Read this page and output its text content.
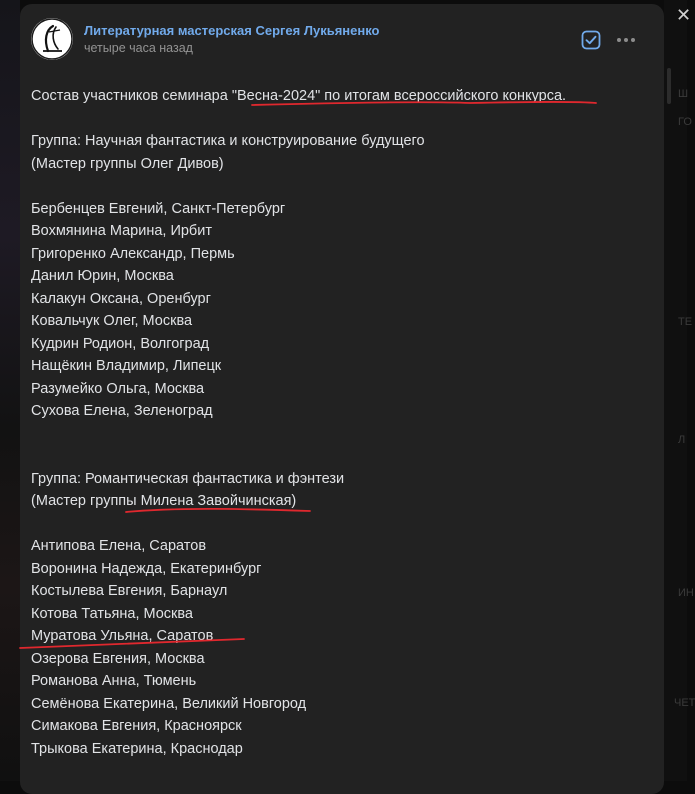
Ш
ГО
ТЕ
Л
ИН
ЧЕТ
✕
Литературная мастерская Сергея Лукьяненко
четыре часа назад
Состав участников семинара "Весна-2024" по итогам всероссийского конкурса.
Группа: Научная фантастика и конструирование будущего
(Мастер группы Олег Дивов)
Бербенцев Евгений, Санкт-Петербург
Вохмянина Марина, Ирбит
Григоренко Александр, Пермь
Данил Юрин, Москва
Калакун Оксана, Оренбург
Ковальчук Олег, Москва
Кудрин Родион, Волгоград
Нащёкин Владимир, Липецк
Разумейко Ольга, Москва
Сухова Елена, Зеленоград
Группа: Романтическая фантастика и фэнтези
(Мастер группы Милена Завойчинская)
Антипова Елена, Саратов
Воронина Надежда, Екатеринбург
Костылева Евгения, Барнаул
Котова Татьяна, Москва
Муратова Ульяна, Саратов
Озерова Евгения, Москва
Романова Анна, Тюмень
Семёнова Екатерина, Великий Новгород
Симакова Евгения, Красноярск
Трыкова Екатерина, Краснодар
